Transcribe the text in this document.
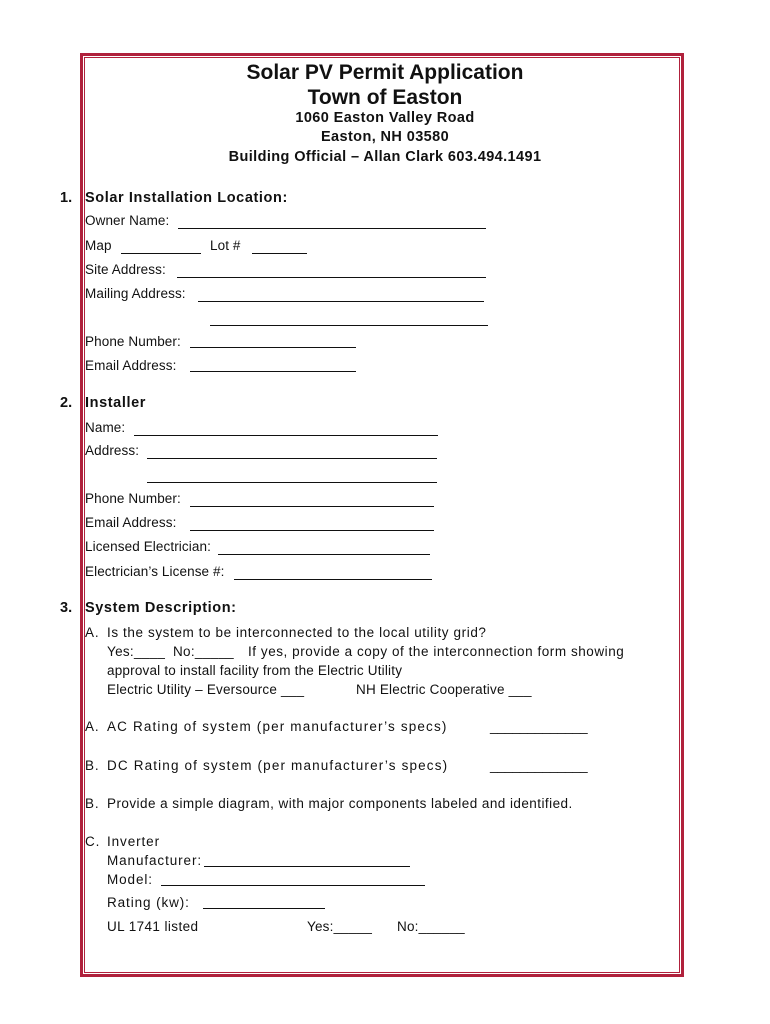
Solar PV Permit Application
Town of Easton
1060 Easton Valley Road
Easton, NH 03580
Building Official – Allan Clark 603.494.1491
1. Solar Installation Location:
Owner Name:
Map	Lot #
Site Address:
Mailing Address:
Phone Number:
Email Address:
2. Installer
Name:
Address:
Phone Number:
Email Address:
Licensed Electrician:
Electrician’s License #:
3. System Description:
A. Is the system to be interconnected to the local utility grid?
Yes:____ No:_____ If yes, provide a copy of the interconnection form showing
approval to install facility from the Electric Utility
Electric Utility – Eversource ___	NH Electric Cooperative ___
A. AC Rating of system (per manufacturer’s specs)	_____________
B. DC Rating of system (per manufacturer’s specs)	_____________
B. Provide a simple diagram, with major components labeled and identified.
C. Inverter
Manufacturer:
Model:
Rating (kw):
UL 1741 listed	Yes:_____ No:______
